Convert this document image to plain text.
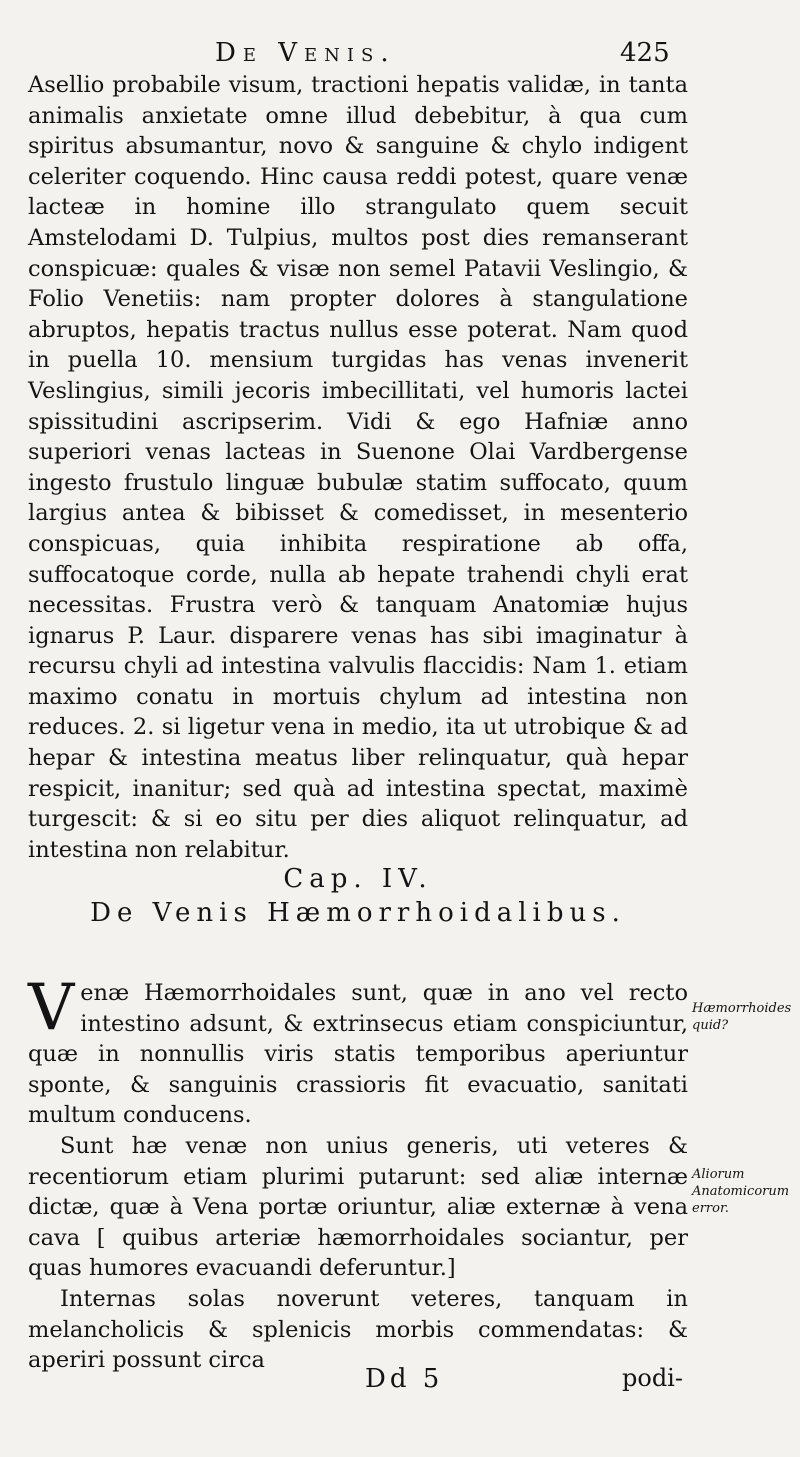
De Venis.	425

Asellio probabile visum, tractioni hepatis validæ, in tanta animalis anxietate omne illud debebitur, à qua cum spiritus absumantur, novo & sanguine & chylo indigent celeriter coquendo. Hinc causa reddi potest, quare venæ lacteæ in homine illo strangulato quem secuit Amstelodami D. Tulpius, multos post dies remanserant conspicuæ: quales & visæ non semel Patavii Veslingio, & Folio Venetiis: nam propter dolores à stangulatione abruptos, hepatis tractus nullus esse poterat. Nam quod in puella 10. mensium turgidas has venas invenerit Veslingius, simili jecoris imbecillitati, vel humoris lactei spissitudini ascripserim. Vidi & ego Hafniæ anno superiori venas lacteas in Suenone Olai Vardbergense ingesto frustulo linguæ bubulæ statim suffocato, quum largius antea & bibisset & comedisset, in mesenterio conspicuas, quia inhibita respiratione ab offa, suffocatoque corde, nulla ab hepate trahendi chyli erat necessitas. Frustra verò & tanquam Anatomiæ hujus ignarus P. Laur. disparere venas has sibi imaginatur à recursu chyli ad intestina valvulis flaccidis: Nam 1. etiam maximo conatu in mortuis chylum ad intestina non reduces. 2. si ligetur vena in medio, ita ut utrobique & ad hepar & intestina meatus liber relinquatur, quà hepar respicit, inanitur; sed quà ad intestina spectat, maximè turgescit: & si eo situ per dies aliquot relinquatur, ad intestina non relabitur.

Cap. IV.
De Venis Hæmorrhoidalibus.

Venæ Hæmorrhoidales sunt, quæ in ano vel recto intestino adsunt, & extrinsecus etiam conspiciuntur, quæ in nonnullis viris statis temporibus aperiuntur sponte, & sanguinis crassioris fit evacuatio, sanitati multum conducens.

Sunt hæ venæ non unius generis, uti veteres & recentiorum etiam plurimi putarunt: sed aliæ internæ dictæ, quæ à Vena portæ oriuntur, aliæ externæ à vena cava [ quibus arteriæ hæmorrhoidales sociantur, per quas humores evacuandi deferuntur.]

Internas solas noverunt veteres, tanquam in melancholicis & splenicis morbis commendatas: & aperiri possunt circa

Hæmorrhoides quid?
Aliorum Anatomicorum error.
Dd 5	podi-
